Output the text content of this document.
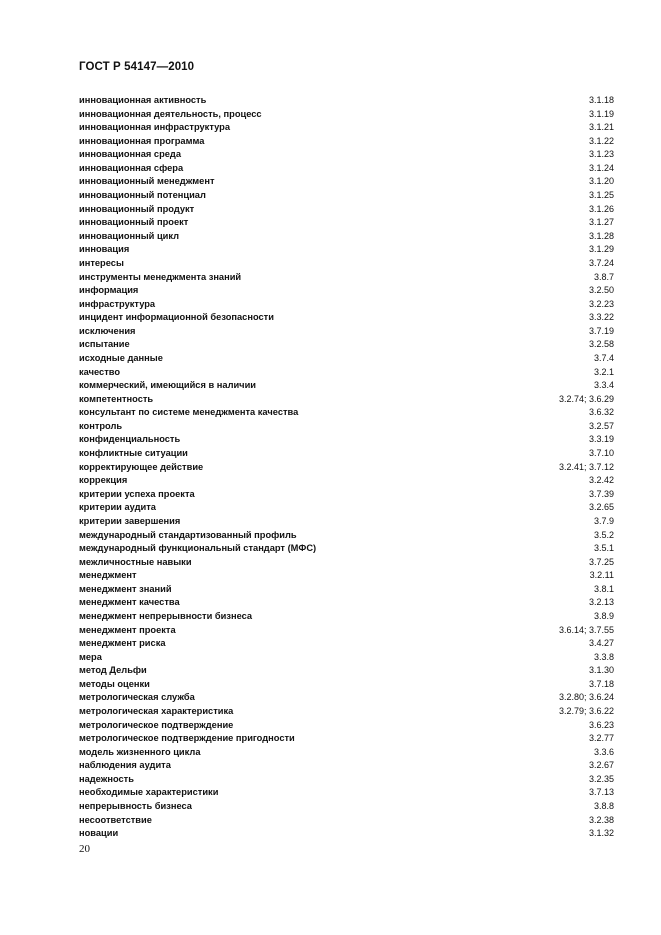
ГОСТ Р 54147—2010
инновационная активность	3.1.18
инновационная деятельность, процесс	3.1.19
инновационная инфраструктура	3.1.21
инновационная программа	3.1.22
инновационная среда	3.1.23
инновационная сфера	3.1.24
инновационный менеджмент	3.1.20
инновационный потенциал	3.1.25
инновационный продукт	3.1.26
инновационный проект	3.1.27
инновационный цикл	3.1.28
инновация	3.1.29
интересы	3.7.24
инструменты менеджмента знаний	3.8.7
информация	3.2.50
инфраструктура	3.2.23
инцидент информационной безопасности	3.3.22
исключения	3.7.19
испытание	3.2.58
исходные данные	3.7.4
качество	3.2.1
коммерческий, имеющийся в наличии	3.3.4
компетентность	3.2.74; 3.6.29
консультант по системе менеджмента качества	3.6.32
контроль	3.2.57
конфиденциальность	3.3.19
конфликтные ситуации	3.7.10
корректирующее действие	3.2.41; 3.7.12
коррекция	3.2.42
критерии успеха проекта	3.7.39
критерии аудита	3.2.65
критерии завершения	3.7.9
международный стандартизованный профиль	3.5.2
международный функциональный стандарт (МФС)	3.5.1
межличностные навыки	3.7.25
менеджмент	3.2.11
менеджмент знаний	3.8.1
менеджмент качества	3.2.13
менеджмент непрерывности бизнеса	3.8.9
менеджмент проекта	3.6.14; 3.7.55
менеджмент риска	3.4.27
мера	3.3.8
метод Дельфи	3.1.30
методы оценки	3.7.18
метрологическая служба	3.2.80; 3.6.24
метрологическая характеристика	3.2.79; 3.6.22
метрологическое подтверждение	3.6.23
метрологическое подтверждение пригодности	3.2.77
модель жизненного цикла	3.3.6
наблюдения аудита	3.2.67
надежность	3.2.35
необходимые характеристики	3.7.13
непрерывность бизнеса	3.8.8
несоответствие	3.2.38
новации	3.1.32
20
